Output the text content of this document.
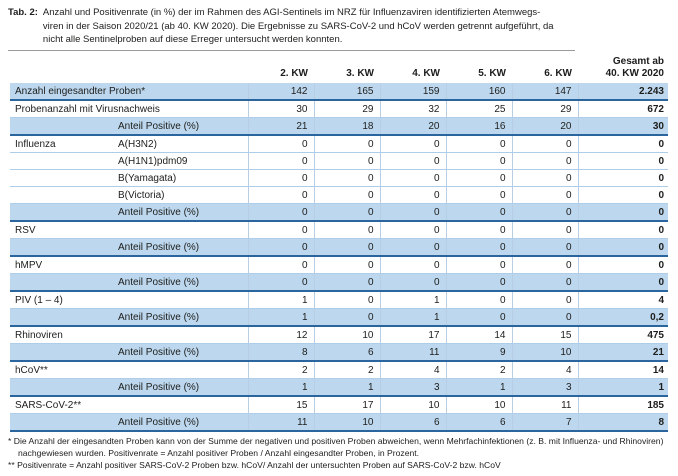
Tab. 2: Anzahl und Positivenrate (in %) der im Rahmen des AGI-Sentinels im NRZ für Influenzaviren identifizierten Atemwegs-
viren in der Saison 2020/21 (ab 40. KW 2020). Die Ergebnisse zu SARS-CoV-2 und hCoV werden getrennt aufgeführt, da
nicht alle Sentinelproben auf diese Erreger untersucht werden konnten.
		2. KW	3. KW	4. KW	5. KW	6. KW	Gesamt ab
40. KW 2020

Anzahl eingesandter Proben*		142	165	159	160	147	2.243
Probenanzahl mit Virusnachweis		30	29	32	25	29	672
	Anteil Positive (%)	21	18	20	16	20	30
Influenza	A(H3N2)	0	0	0	0	0	0
	A(H1N1)pdm09	0	0	0	0	0	0
	B(Yamagata)	0	0	0	0	0	0
	B(Victoria)	0	0	0	0	0	0
	Anteil Positive (%)	0	0	0	0	0	0
RSV		0	0	0	0	0	0
	Anteil Positive (%)	0	0	0	0	0	0
hMPV		0	0	0	0	0	0
	Anteil Positive (%)	0	0	0	0	0	0
PIV (1 – 4)		1	0	1	0	0	4
	Anteil Positive (%)	1	0	1	0	0	0,2
Rhinoviren		12	10	17	14	15	475
	Anteil Positive (%)	8	6	11	9	10	21
hCoV**		2	2	4	2	4	14
	Anteil Positive (%)	1	1	3	1	3	1
SARS-CoV-2**		15	17	10	10	11	185
	Anteil Positive (%)	11	10	6	6	7	8
* Die Anzahl der eingesandten Proben kann von der Summe der negativen und positiven Proben abweichen, wenn Mehrfachinfektionen (z. B. mit Influenza- und Rhinoviren) nachgewiesen wurden. Positivenrate = Anzahl positiver Proben / Anzahl eingesandter Proben, in Prozent.
** Positivenrate = Anzahl positiver SARS-CoV-2 Proben bzw. hCoV/ Anzahl der untersuchten Proben auf SARS-CoV-2 bzw. hCoV
